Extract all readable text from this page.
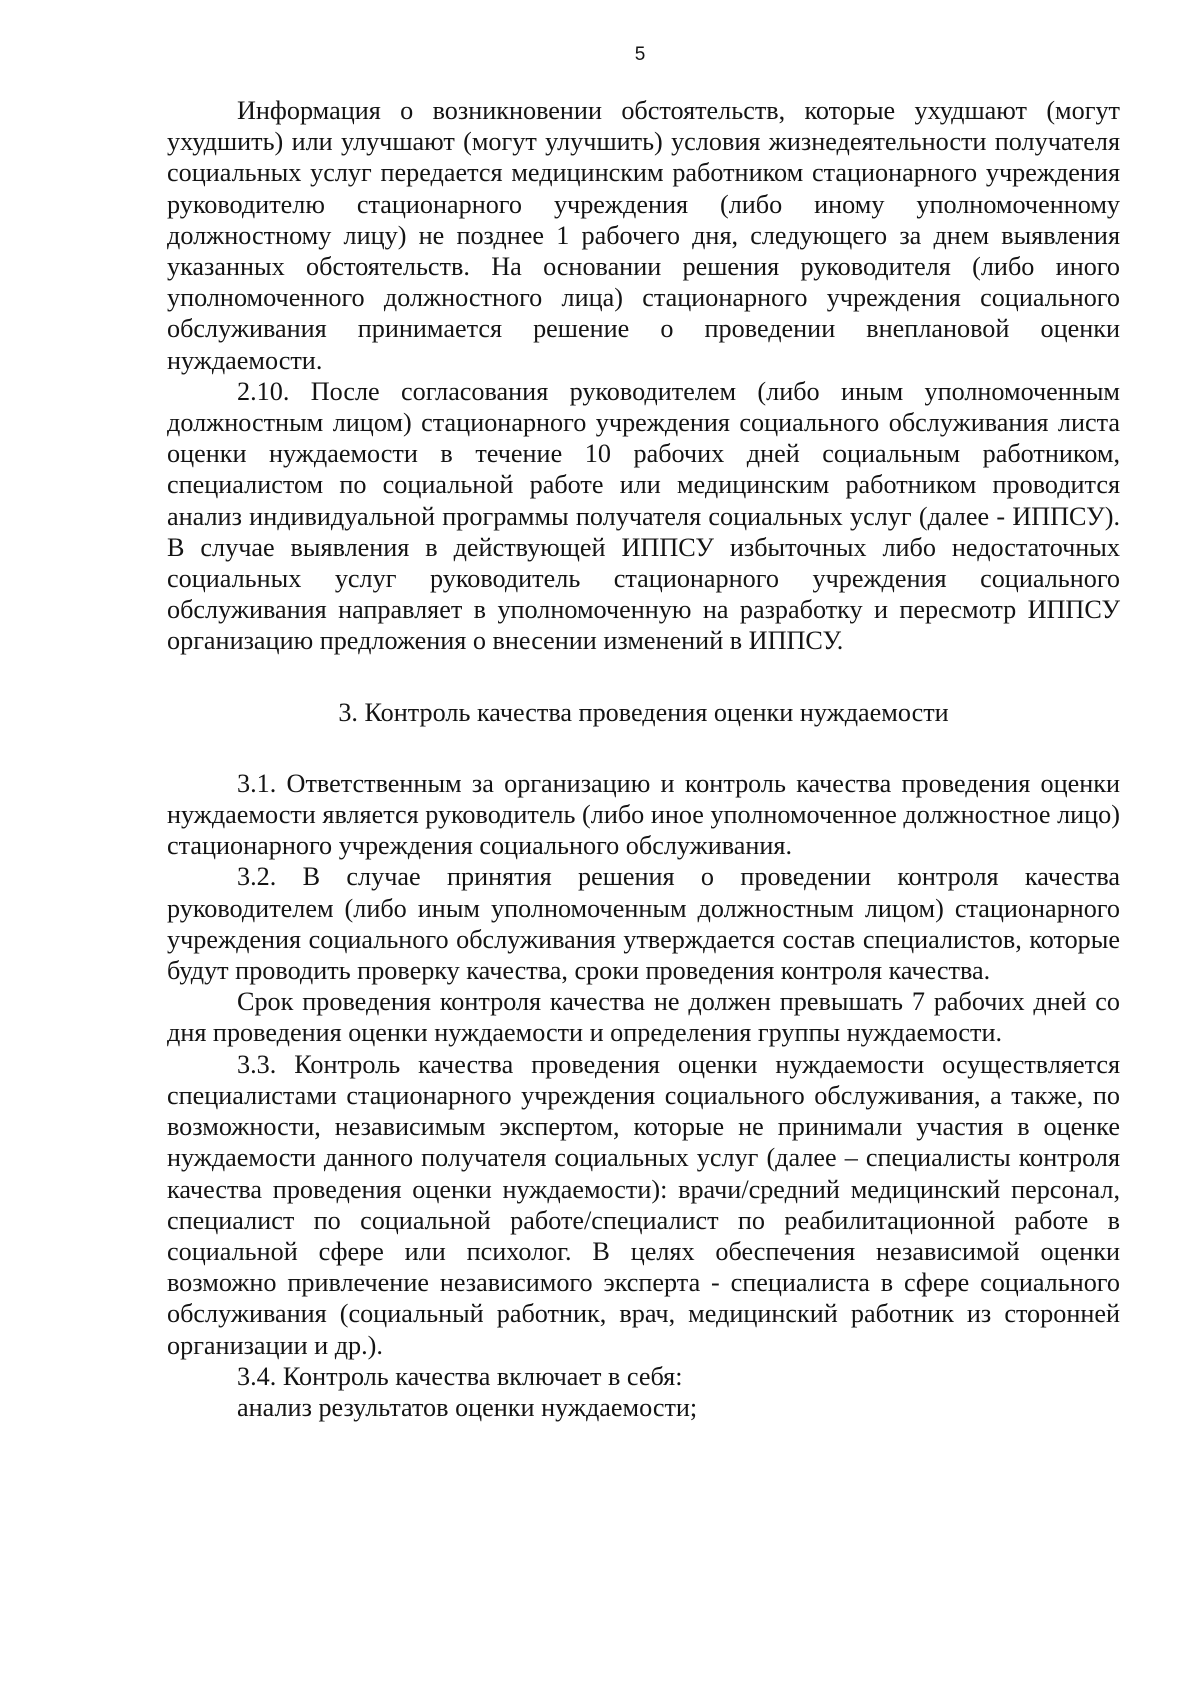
5

Информация о возникновении обстоятельств, которые ухудшают (могут ухудшить) или улучшают (могут улучшить) условия жизнедеятельности получателя социальных услуг передается медицинским работником стационарного учреждения руководителю стационарного учреждения (либо иному уполномоченному должностному лицу) не позднее 1 рабочего дня, следующего за днем выявления указанных обстоятельств. На основании решения руководителя (либо иного уполномоченного должностного лица) стационарного учреждения социального обслуживания принимается решение о проведении внеплановой оценки нуждаемости.

2.10. После согласования руководителем (либо иным уполномоченным должностным лицом) стационарного учреждения социального обслуживания листа оценки нуждаемости в течение 10 рабочих дней социальным работником, специалистом по социальной работе или медицинским работником проводится анализ индивидуальной программы получателя социальных услуг (далее - ИППСУ). В случае выявления в действующей ИППСУ избыточных либо недостаточных социальных услуг руководитель стационарного учреждения социального обслуживания направляет в уполномоченную на разработку и пересмотр ИППСУ организацию предложения о внесении изменений в ИППСУ.

3. Контроль качества проведения оценки нуждаемости

3.1. Ответственным за организацию и контроль качества проведения оценки нуждаемости является руководитель (либо иное уполномоченное должностное лицо) стационарного учреждения социального обслуживания.

3.2. В случае принятия решения о проведении контроля качества руководителем (либо иным уполномоченным должностным лицом) стационарного учреждения социального обслуживания утверждается состав специалистов, которые будут проводить проверку качества, сроки проведения контроля качества.

Срок проведения контроля качества не должен превышать 7 рабочих дней со дня проведения оценки нуждаемости и определения группы нуждаемости.

3.3. Контроль качества проведения оценки нуждаемости осуществляется специалистами стационарного учреждения социального обслуживания, а также, по возможности, независимым экспертом, которые не принимали участия в оценке нуждаемости данного получателя социальных услуг (далее – специалисты контроля качества проведения оценки нуждаемости): врачи/средний медицинский персонал, специалист по социальной работе/специалист по реабилитационной работе в социальной сфере или психолог. В целях обеспечения независимой оценки возможно привлечение независимого эксперта - специалиста в сфере социального обслуживания (социальный работник, врач, медицинский работник из сторонней организации и др.).

3.4. Контроль качества включает в себя:

анализ результатов оценки нуждаемости;
